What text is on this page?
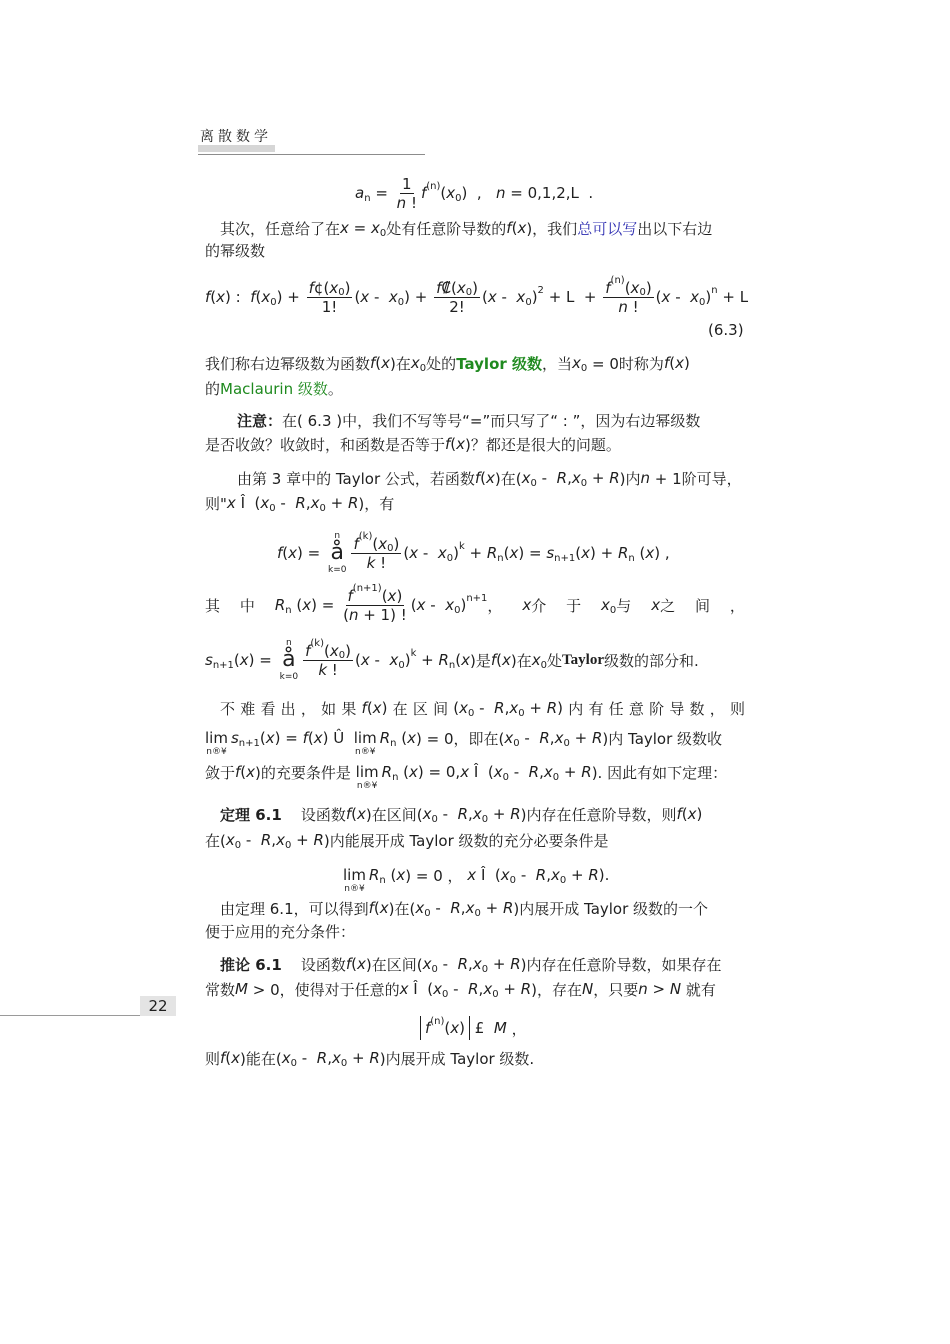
离散数学
a $n = \frac{1}{n !}$ f (n) ( x 0 )  , n = 0,1,2,L  .
其次，任意给了在 x = x 0 处有任意阶导数的 f ( x )，我们 总可以写 出以下右边
的幂级数
f ( x ) : f ( x 0 ) + $\frac{f ¢( x 0 )}{1!}$ ( x - x 0 ) + $\frac{f ₡( x 0 )}{2!}$ ( x - x 0 ) $2 + L + \frac{f (n) ( x 0 )}{n !}$ ( x - x 0 ) n + L
(6.3)
我们称右边幂级数为函数 f ( x )在 x 0 处的 Taylor 级数 ，当 x 0 = 0时称为 f ( x )
的 Maclaurin 级数 。
注意： 在( 6.3 )中，我们不写等号“=”而只写了“ : ”，因为右边幂级数
是否收敛？收敛时，和函数是否等于 f ( x )？都还是很大的问题。
由第 3 章中的 Taylor 公式，若函数 f ( x )在( x 0 - R , x 0 + R )内 n + 1阶可导，
则" x Î  ( x 0 - R , x 0 + R )，有
f ( x ) =
n
å
$k=0 \frac{f (k) ( x 0 )}{k !}$ ( x - x 0 ) k + R n ( x ) = s n+1 ( x ) + R n ( x ) ,
其 中 R n ( x ) = $\frac{f (n+1) ( x )}{( n + 1) !}$ ( x - x 0 ) n+1 ， x 介 于 x 0 与 x 之 间 ，
s n+1 ( x ) =
n
å
$k=0 \frac{f (k) ( x 0 )}{k !}$ ( x - x 0 ) k + R n ( x )是 f ( x )在 x 0 处 Taylor 级数的部分和.
不 难 看 出 ， 如 果 f ( x ) 在 区 间 ( x 0 - R , x 0 + R ) 内 有 任 意 阶 导 数 ， 则
lim
n®¥
s n+1 ( x ) = f ( x ) Û lim
n®¥
R n ( x ) = 0，即在( x 0 - R , x 0 + R )内 Taylor 级数收
敛于 f ( x )的充要条件是 lim
n®¥
R n ( x ) = 0, x Î  ( x 0 - R , x 0 + R ). 因此有如下定理：
定理 6.1 设函数 f ( x )在区间( x 0 - R , x 0 + R )内存在任意阶导数，则 f ( x )
在( x 0 - R , x 0 + R )内能展开成 Taylor 级数的充分必要条件是
lim
n®¥
R n ( x ) = 0 ， x Î  ( x 0 - R , x 0 + R ).
由定理 6.1，可以得到 f ( x )在( x 0 - R , x 0 + R )内展开成 Taylor 级数的一个
便于应用的充分条件：
推论 6.1 设函数 f ( x )在区间( x 0 - R , x 0 + R )内存在任意阶导数，如果存在
常数 M > 0，使得对于任意的 x Î  ( x 0 - R , x 0 + R )，存在 N ，只要 n > N 就有
f (n) ( x ) £ M ，
则 f ( x )能在( x 0 - R , x 0 + R )内展开成 Taylor 级数.
22
